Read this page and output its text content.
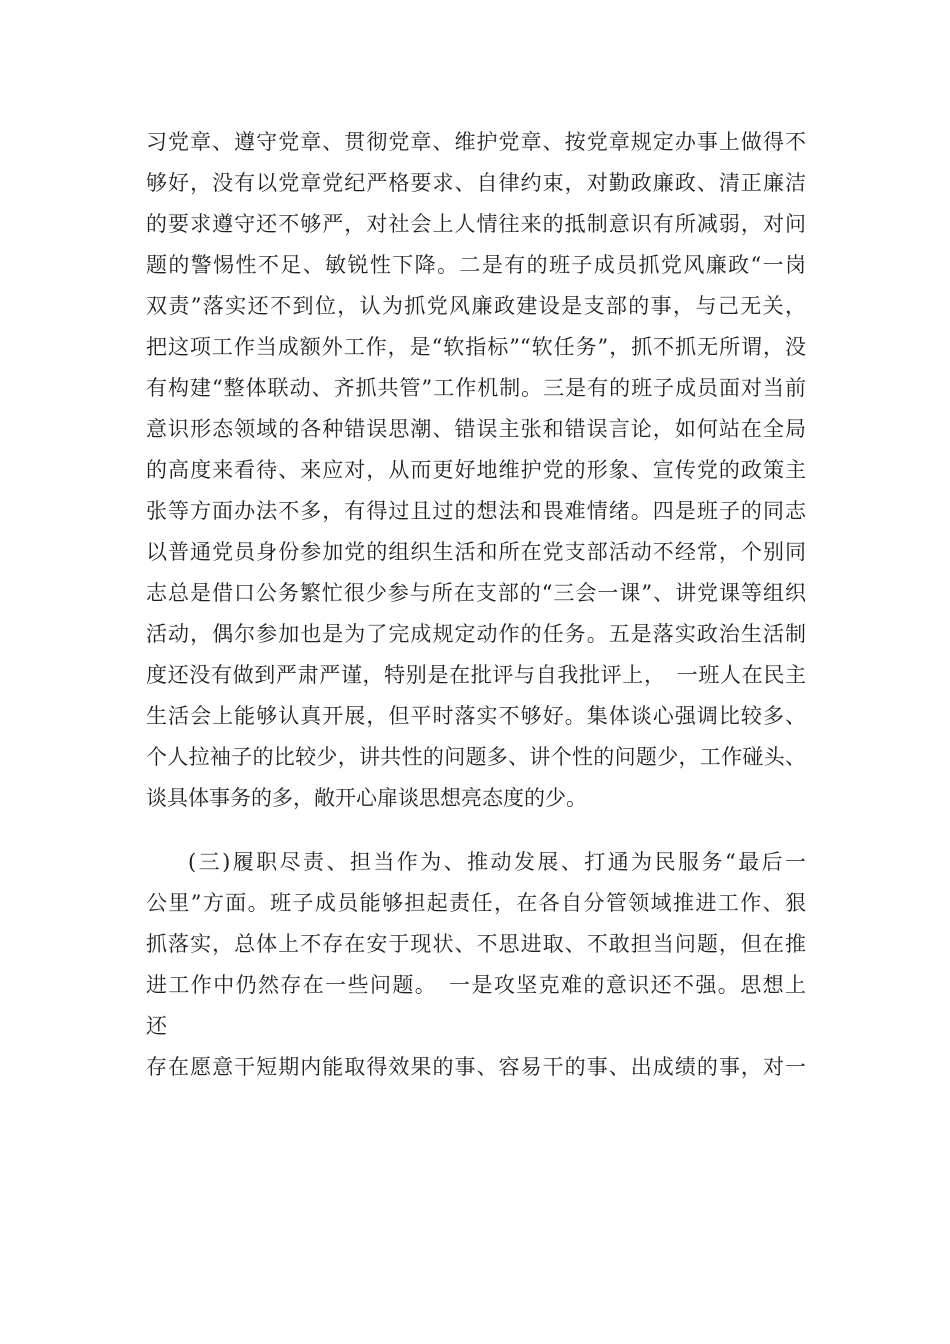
习党章、遵守党章、贯彻党章、维护党章、按党章规定办事上做得不
够好，没有以党章党纪严格要求、自律约束，对勤政廉政、清正廉洁
的要求遵守还不够严，对社会上人情往来的抵制意识有所减弱，对问
题的警惕性不足、敏锐性下降。二是有的班子成员抓党风廉政“一岗
双责”落实还不到位，认为抓党风廉政建设是支部的事，与己无关，
把这项工作当成额外工作，是“软指标”“软任务”，抓不抓无所谓，没
有构建“整体联动、齐抓共管”工作机制。三是有的班子成员面对当前
意识形态领域的各种错误思潮、错误主张和错误言论，如何站在全局
的高度来看待、来应对，从而更好地维护党的形象、宣传党的政策主
张等方面办法不多，有得过且过的想法和畏难情绪。四是班子的同志
以普通党员身份参加党的组织生活和所在党支部活动不经常，个别同
志总是借口公务繁忙很少参与所在支部的“三会一课”、讲党课等组织
活动，偶尔参加也是为了完成规定动作的任务。五是落实政治生活制
度还没有做到严肃严谨，特别是在批评与自我批评上，　一班人在民主
生活会上能够认真开展，但平时落实不够好。集体谈心强调比较多、
个人拉袖子的比较少，讲共性的问题多、讲个性的问题少，工作碰头、
谈具体事务的多，敞开心扉谈思想亮态度的少。
(三)履职尽责、担当作为、推动发展、打通为民服务“最后一
公里”方面。班子成员能够担起责任，在各自分管领域推进工作、狠
抓落实，总体上不存在安于现状、不思进取、不敢担当问题，但在推
进工作中仍然存在一些问题。　一是攻坚克难的意识还不强。思想上
还
存在愿意干短期内能取得效果的事、容易干的事、出成绩的事，对一
